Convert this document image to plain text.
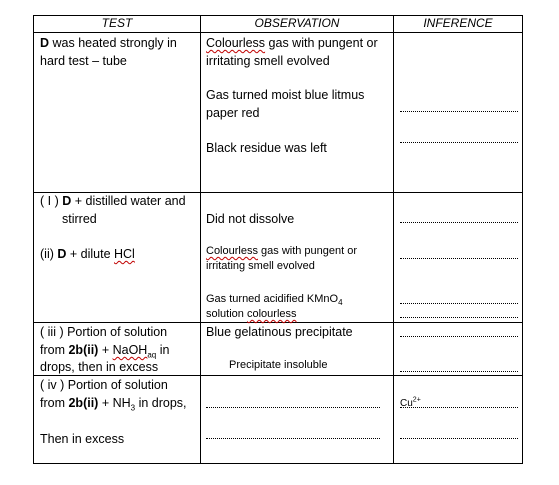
TEST	OBSERVATION	INFERENCE
D was heated strongly in
hard test – tube
Colourless gas with pungent or
irritating smell evolved
Gas turned moist blue litmus
paper red
Black residue was left
( I ) D + distilled water and
stirred
(ii) D + dilute HCl
Did not dissolve
Colourless gas with pungent or
irritating smell evolved
Gas turned acidified KMnO$_4$
solution colourless
( iii ) Portion of solution
from 2b(ii) + NaOH$_{aq}$ in
drops, then in excess
Blue gelatinous precipitate
Precipitate insoluble
( iv ) Portion of solution
from $2b(ii) + NH_3$ in drops,
Then in excess
$Cu^{2+}$
